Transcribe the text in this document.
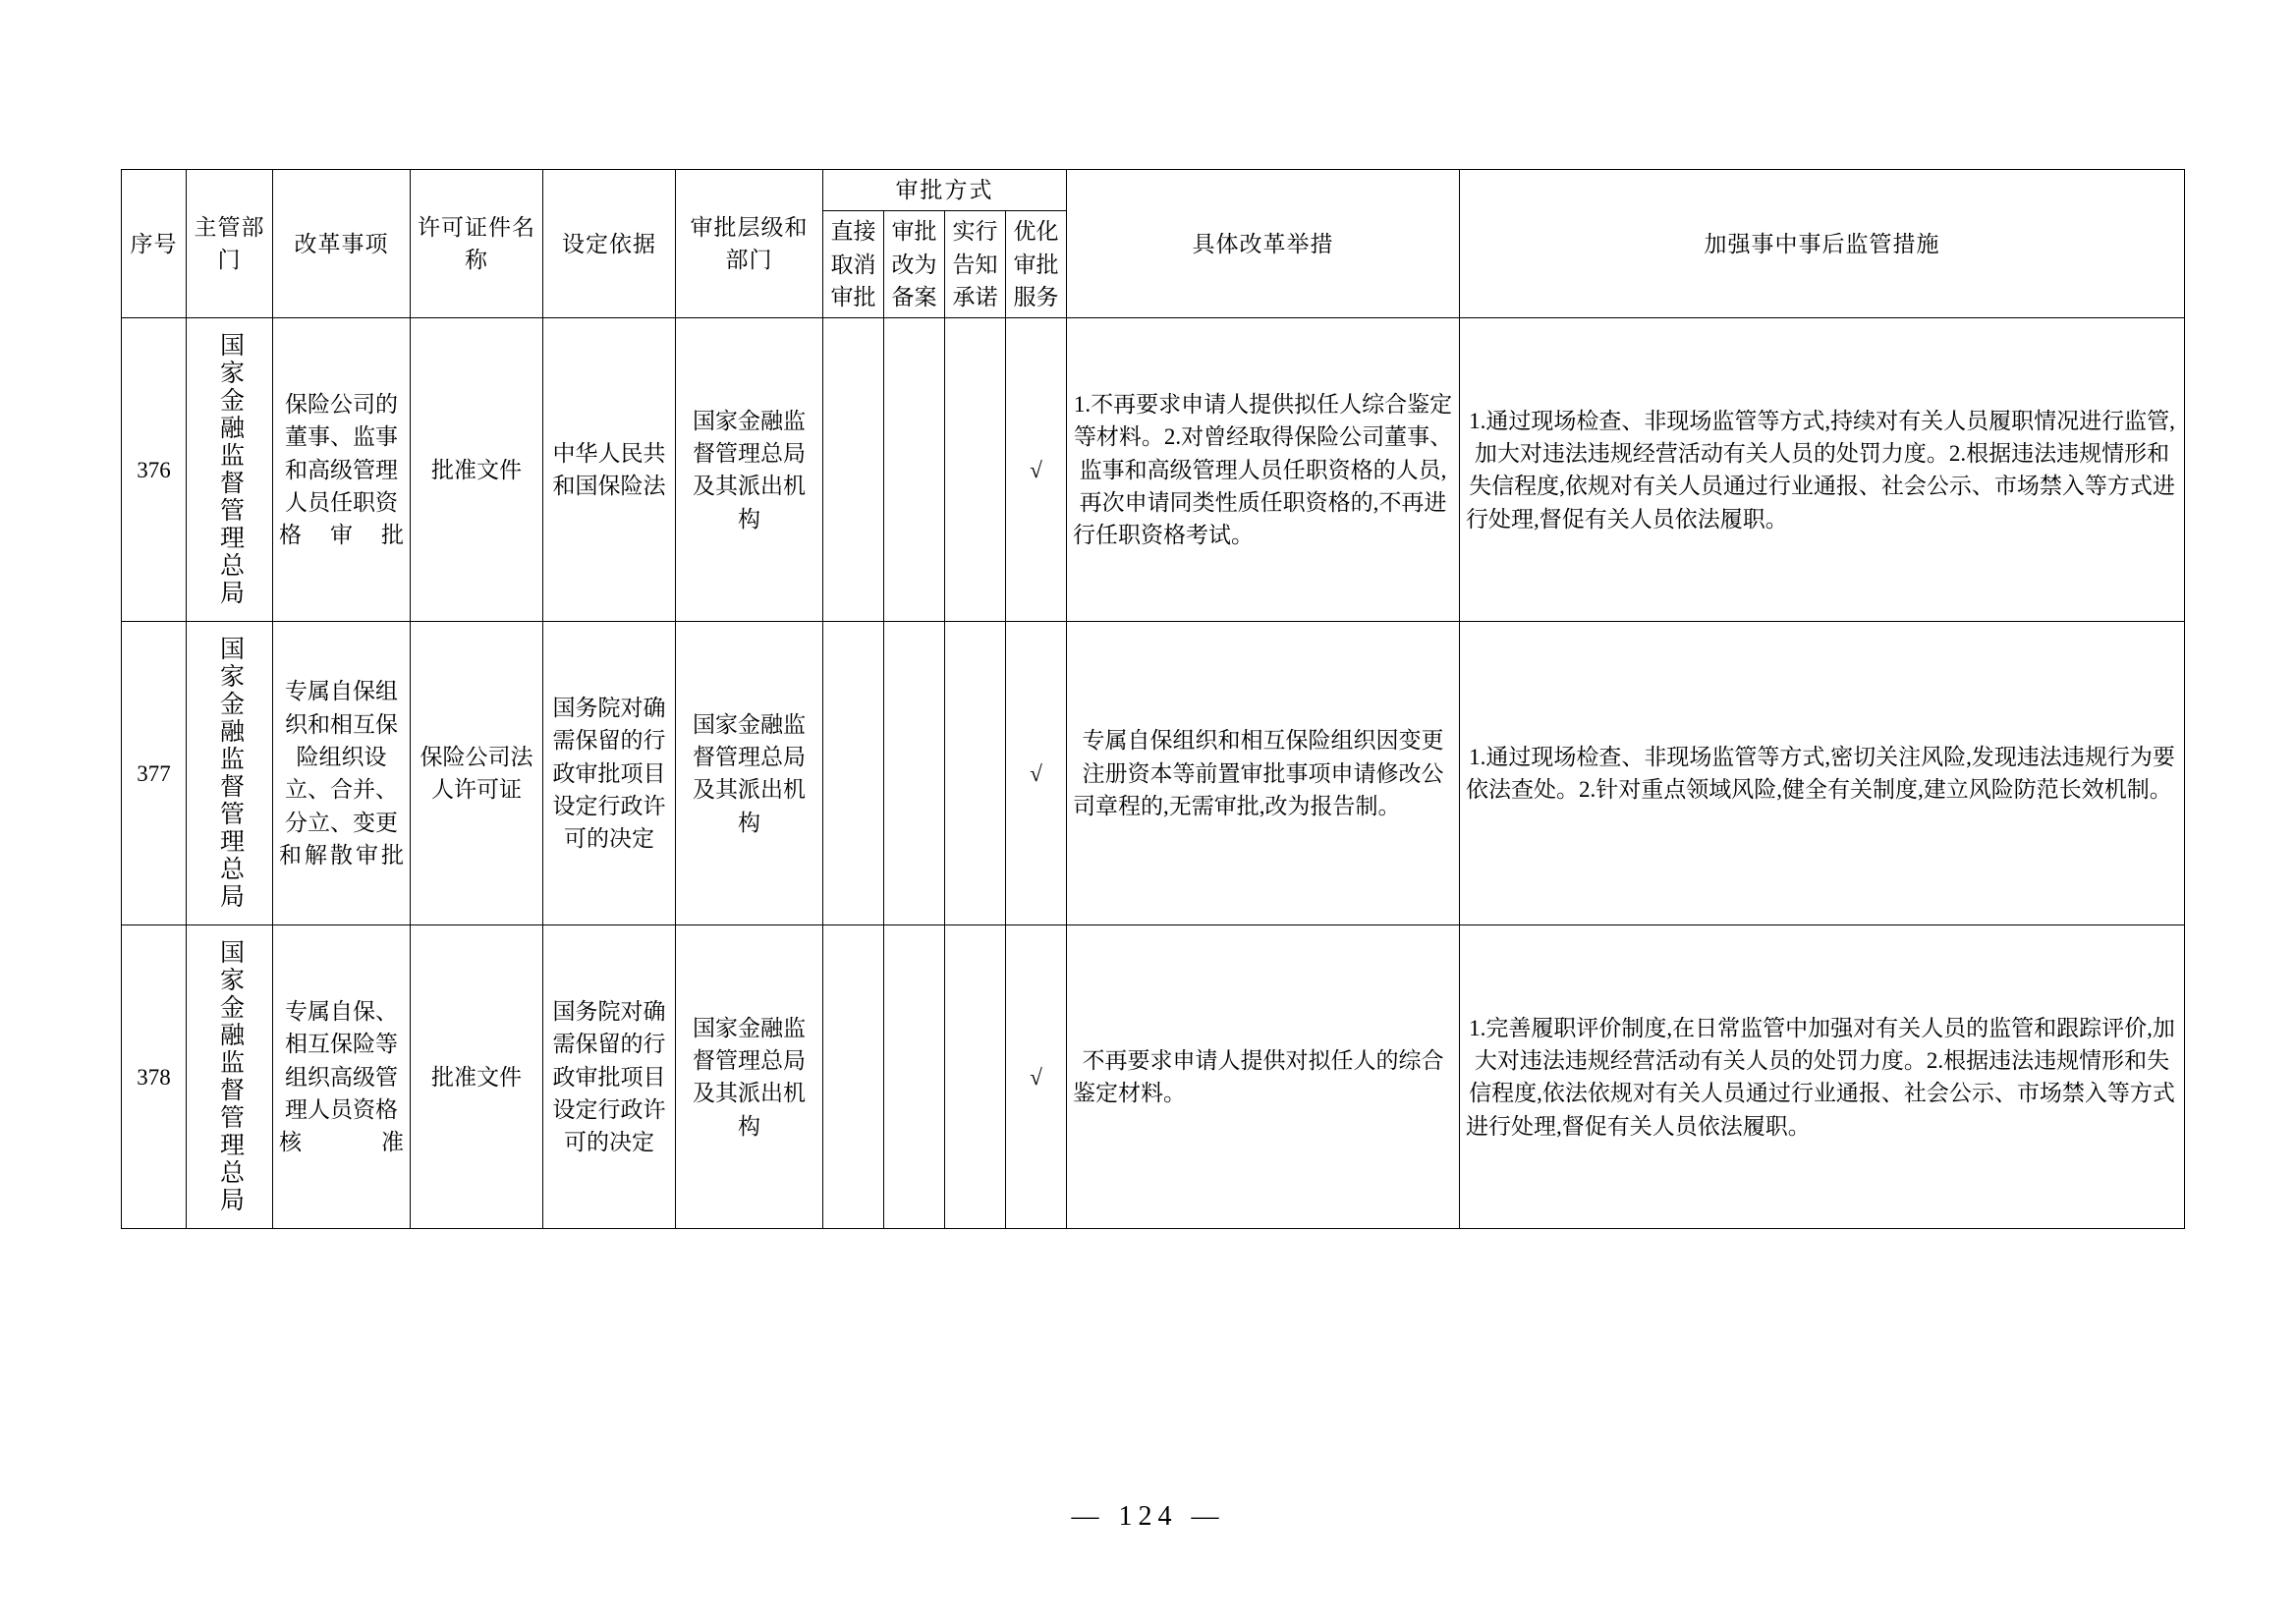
序号	主管部门	改革事项	许可证件名称	设定依据	审批层级和部门	审批方式				具体改革举措	加强事中事后监管措施
						直接取消审批	审批改为备案	实行告知承诺	优化审批服务		
376	国家金融监督管理总局	保险公司的董事、监事和高级管理人员任职资格审批	批准文件	中华人民共和国保险法	国家金融监督管理总局及其派出机构				√	1.不再要求申请人提供拟任人综合鉴定等材料。2.对曾经取得保险公司董事、监事和高级管理人员任职资格的人员,再次申请同类性质任职资格的,不再进行任职资格考试。	1.通过现场检查、非现场监管等方式,持续对有关人员履职情况进行监管,加大对违法违规经营活动有关人员的处罚力度。2.根据违法违规情形和失信程度,依规对有关人员通过行业通报、社会公示、市场禁入等方式进行处理,督促有关人员依法履职。
377	国家金融监督管理总局	专属自保组织和相互保险组织设立、合并、分立、变更和解散审批	保险公司法人许可证	国务院对确需保留的行政审批项目设定行政许可的决定	国家金融监督管理总局及其派出机构				√	专属自保组织和相互保险组织因变更注册资本等前置审批事项申请修改公司章程的,无需审批,改为报告制。	1.通过现场检查、非现场监管等方式,密切关注风险,发现违法违规行为要依法查处。2.针对重点领域风险,健全有关制度,建立风险防范长效机制。
378	国家金融监督管理总局	专属自保、相互保险等组织高级管理人员资格核准	批准文件	国务院对确需保留的行政审批项目设定行政许可的决定	国家金融监督管理总局及其派出机构				√	不再要求申请人提供对拟任人的综合鉴定材料。	1.完善履职评价制度,在日常监管中加强对有关人员的监管和跟踪评价,加大对违法违规经营活动有关人员的处罚力度。2.根据违法违规情形和失信程度,依法依规对有关人员通过行业通报、社会公示、市场禁入等方式进行处理,督促有关人员依法履职。
— 124 —
